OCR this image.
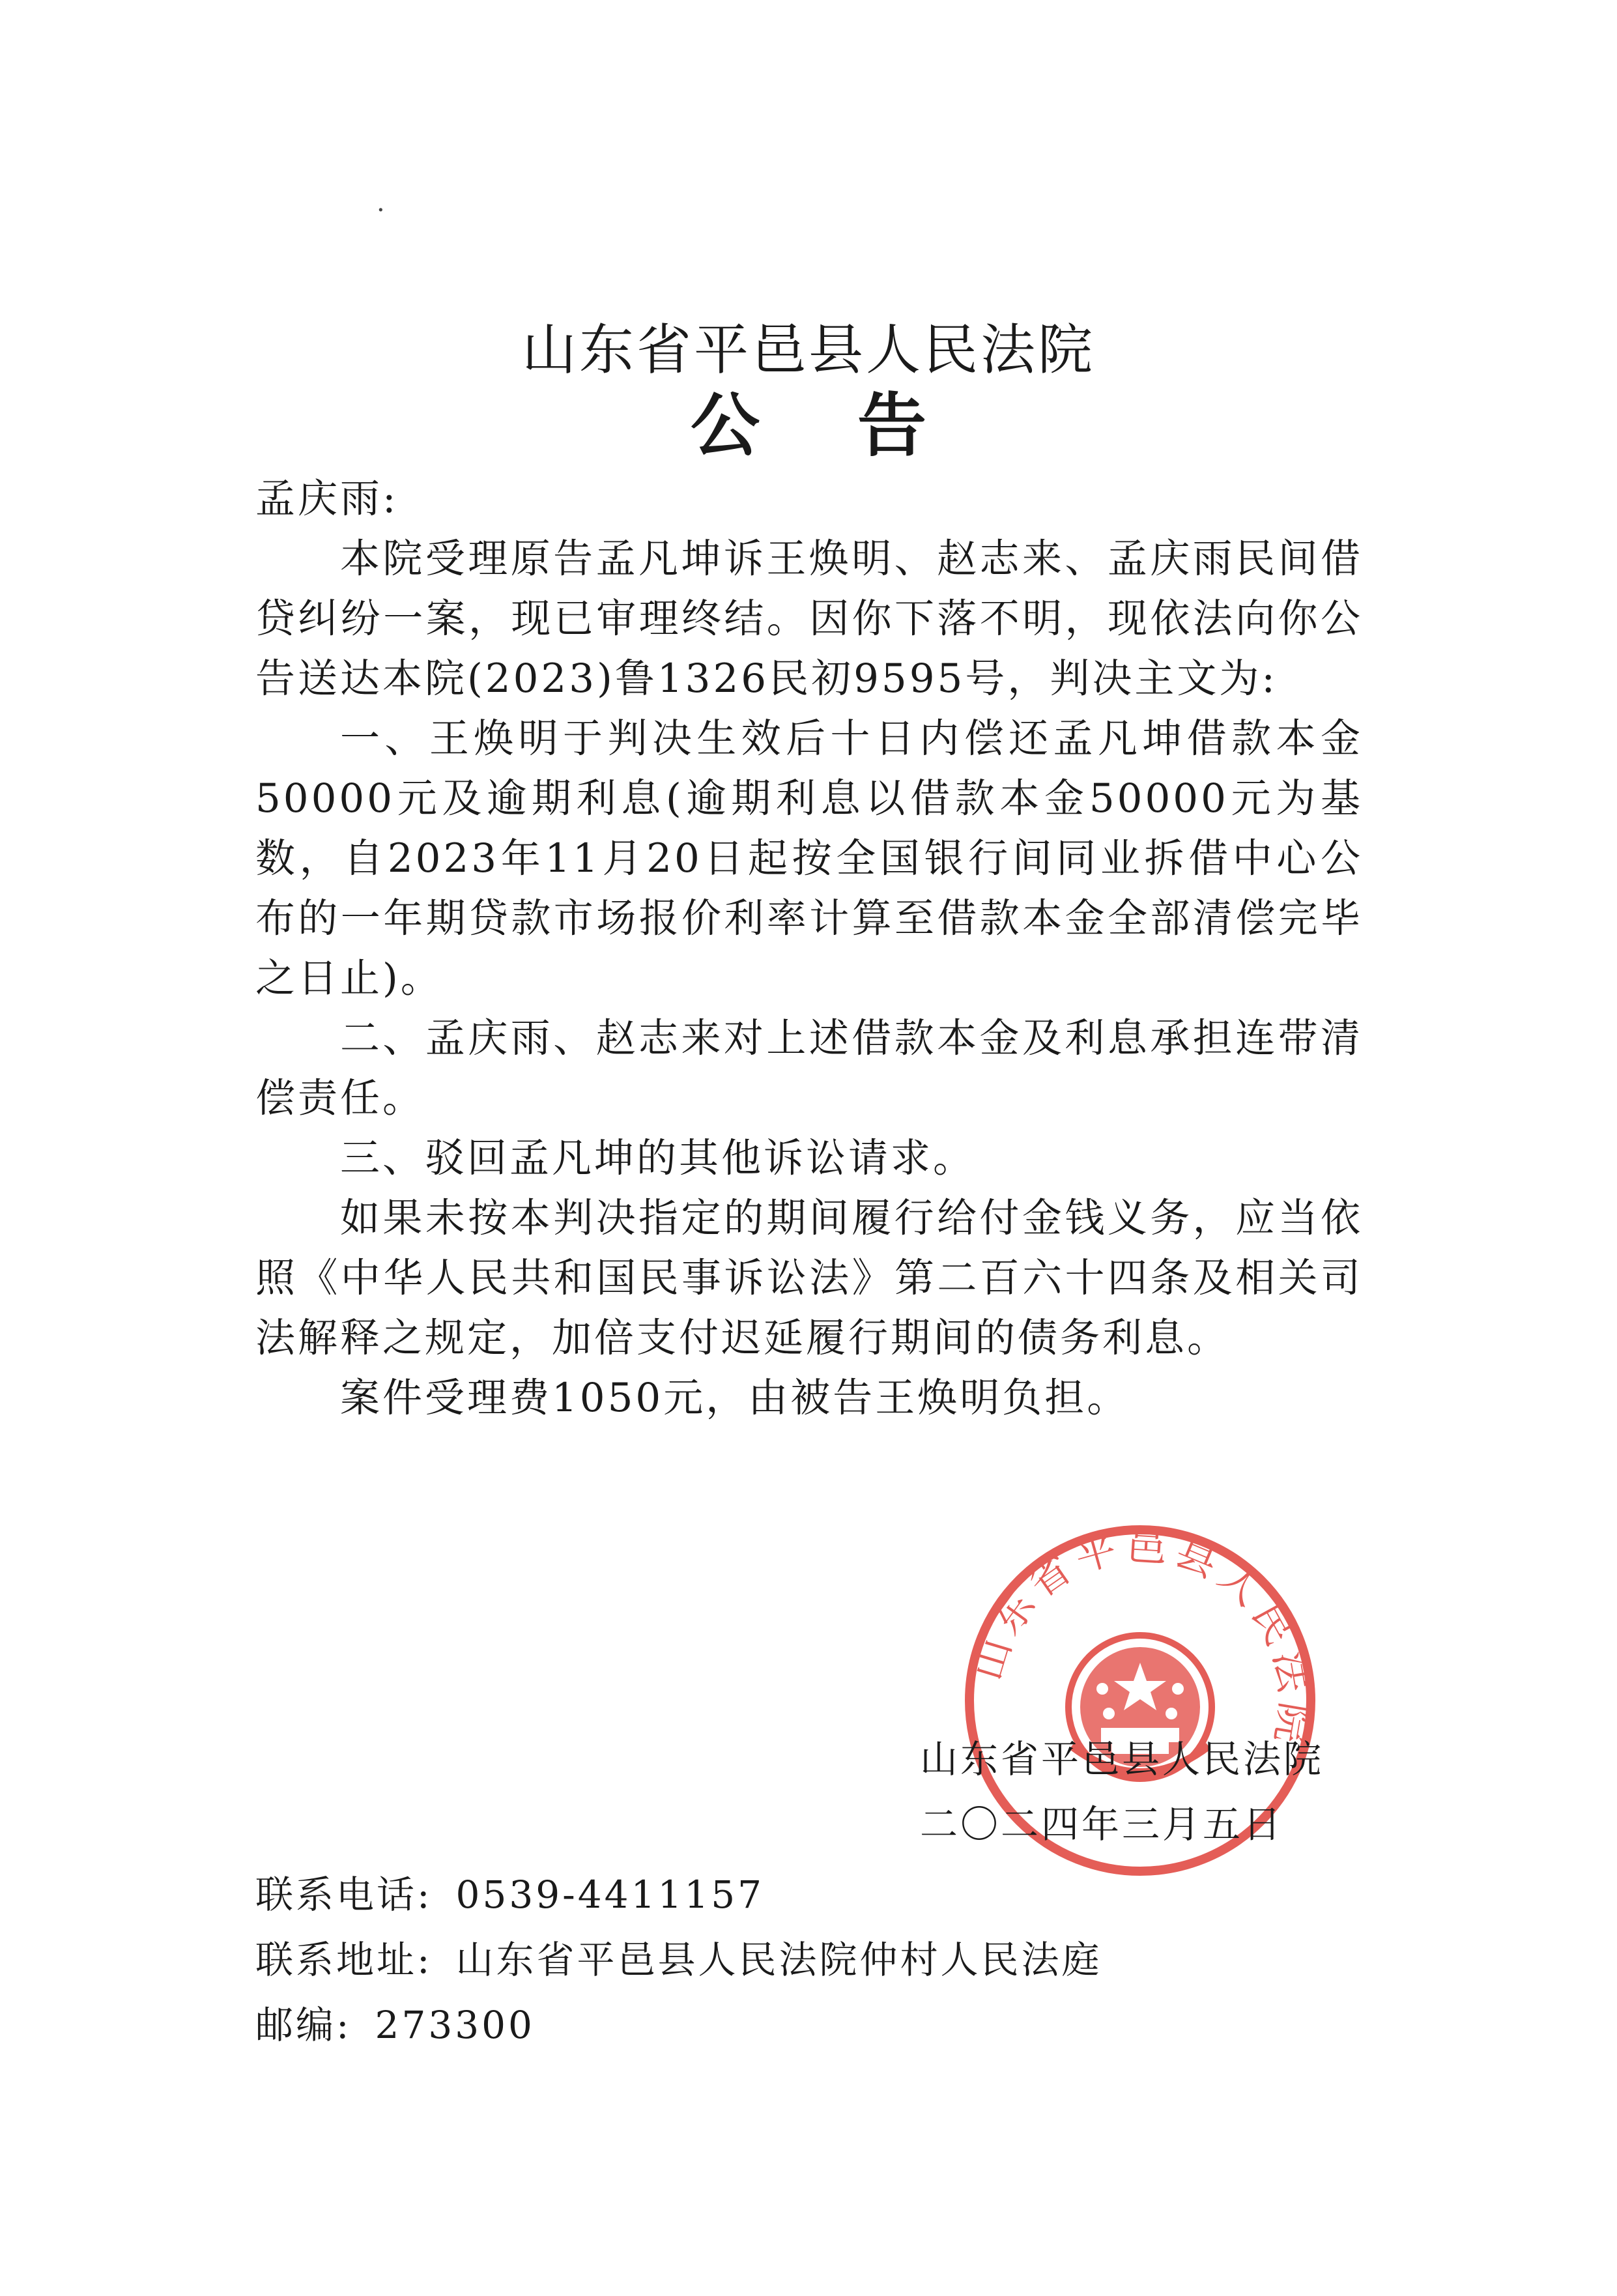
·
山东省平邑县人民法院
公告

孟庆雨:

本院受理原告孟凡坤诉王焕明、赵志来、孟庆雨民间借贷纠纷一案，现已审理终结。因你下落不明，现依法向你公告送达本院(2023)鲁1326民初9595号，判决主文为:

一、王焕明于判决生效后十日内偿还孟凡坤借款本金50000元及逾期利息(逾期利息以借款本金50000元为基数，自2023年11月20日起按全国银行间同业拆借中心公布的一年期贷款市场报价利率计算至借款本金全部清偿完毕之日止)。

二、孟庆雨、赵志来对上述借款本金及利息承担连带清偿责任。

三、驳回孟凡坤的其他诉讼请求。

如果未按本判决指定的期间履行给付金钱义务，应当依照《中华人民共和国民事诉讼法》第二百六十四条及相关司法解释之规定，加倍支付迟延履行期间的债务利息。

案件受理费1050元，由被告王焕明负担。

山东省平邑县人民法院
山东省平邑县人民法院
二〇二四年三月五日
联系电话: 0539-4411157
联系地址: 山东省平邑县人民法院仲村人民法庭
邮编: 273300
